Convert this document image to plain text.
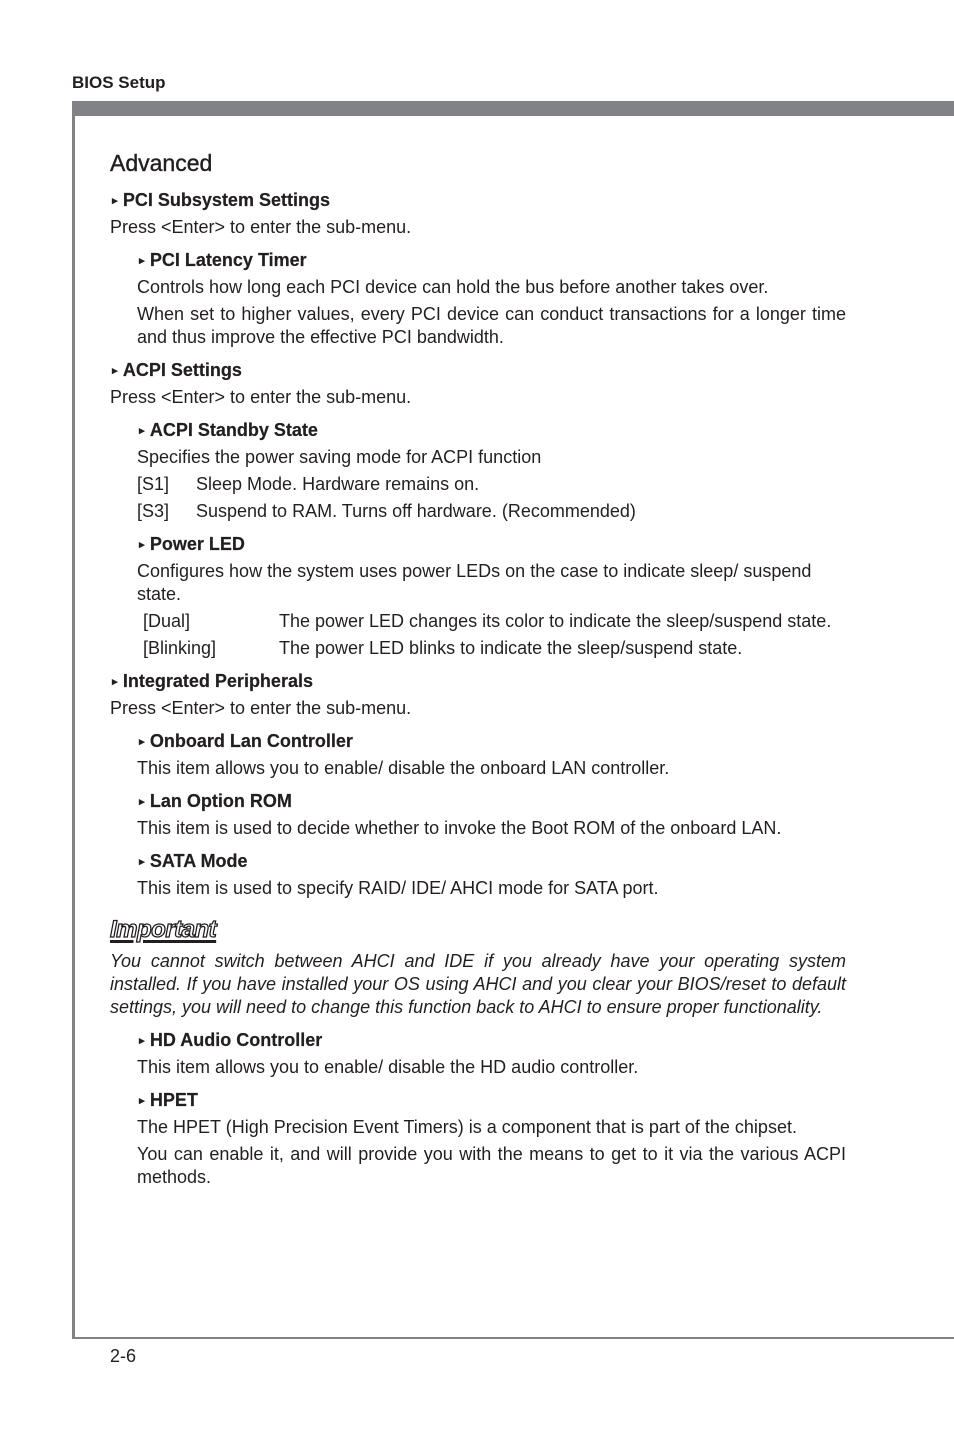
BIOS Setup
Advanced
► PCI Subsystem Settings

Press <Enter> to enter the sub-menu.

► PCI Latency Timer

Controls how long each PCI device can hold the bus before another takes over.

When set to higher values, every PCI device can conduct transactions for a longer time and thus improve the effective PCI bandwidth.

► ACPI Settings

Press <Enter> to enter the sub-menu.

► ACPI Standby State

Specifies the power saving mode for ACPI function

[S1]	Sleep Mode. Hardware remains on.
[S3]	Suspend to RAM. Turns off hardware. (Recommended)
► Power LED

Configures how the system uses power LEDs on the case to indicate sleep/ suspend state.

[Dual]	The power LED changes its color to indicate the sleep/suspend state.
[Blinking]	The power LED blinks to indicate the sleep/suspend state.
► Integrated Peripherals

Press <Enter> to enter the sub-menu.

► Onboard Lan Controller

This item allows you to enable/ disable the onboard LAN controller.

► Lan Option ROM

This item is used to decide whether to invoke the Boot ROM of the onboard LAN.

► SATA Mode

This item is used to specify RAID/ IDE/ AHCI mode for SATA port.

Important

You cannot switch between AHCI and IDE if you already have your operating system installed. If you have installed your OS using AHCI and you clear your BIOS/reset to default settings, you will need to change this function back to AHCI to ensure proper functionality.

► HD Audio Controller

This item allows you to enable/ disable the HD audio controller.

► HPET

The HPET (High Precision Event Timers) is a component that is part of the chipset.

You can enable it, and will provide you with the means to get to it via the various ACPI methods.

2-6
